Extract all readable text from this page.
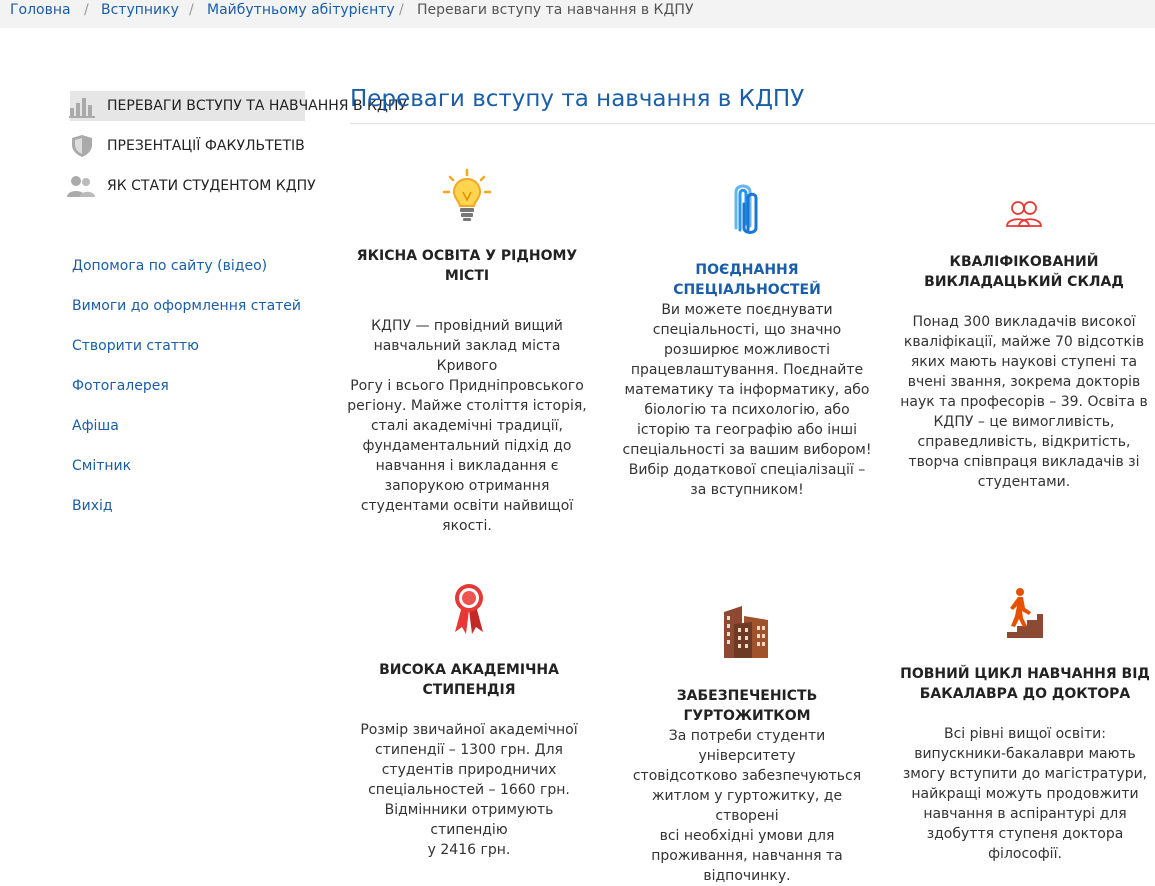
Головна / Вступнику / Майбутньому абітурієнту / Переваги вступу та навчання в КДПУ
ПЕРЕВАГИ ВСТУПУ ТА НАВЧАННЯ В КДПУ
ПРЕЗЕНТАЦІЇ ФАКУЛЬТЕТІВ
ЯК СТАТИ СТУДЕНТОМ КДПУ
Допомога по сайту (відео)
Вимоги до оформлення статей
Створити статтю
Фотогалерея
Афіша
Смітник
Вихід
Переваги вступу та навчання в КДПУ
ЯКІСНА ОСВІТА У РІДНОМУ МІСТІ
КДПУ — провідний вищий
навчальний заклад міста Кривого
Рогу і всього Придніпровського
регіону. Майже століття історія,
сталі академічні традиції,
фундаментальний підхід до
навчання і викладання є
запорукою отримання
студентами освіти найвищої
якості.
ПОЄДНАННЯ СПЕЦІАЛЬНОСТЕЙ
Ви можете поєднувати
спеціальності, що значно
розширює можливості
працевлаштування. Поєднайте
математику та інформатику, або
біологію та психологію, або
історію та географію або інші
спеціальності за вашим вибором!
Вибір додаткової спеціалізації –
за вступником!
КВАЛІФІКОВАНИЙ ВИКЛАДАЦЬКИЙ СКЛАД
Понад 300 викладачів високої
кваліфікації, майже 70 відсотків
яких мають наукові ступені та
вчені звання, зокрема докторів
наук та професорів – 39. Освіта в
КДПУ – це вимогливість,
справедливість, відкритість,
творча співпраця викладачів зі
студентами.
ВИСОКА АКАДЕМІЧНА СТИПЕНДІЯ
Розмір звичайної академічної
стипендії – 1300 грн. Для
студентів природничих
спеціальностей – 1660 грн.
Відмінники отримують стипендію
у 2416 грн.
ЗАБЕЗПЕЧЕНІСТЬ ГУРТОЖИТКОМ
За потреби студенти університету
стовідсотково забезпечуються
житлом у гуртожитку, де створені
всі необхідні умови для
проживання, навчання та
відпочинку.
ПОВНИЙ ЦИКЛ НАВЧАННЯ ВІД БАКАЛАВРА ДО ДОКТОРА
Всі рівні вищої освіти:
випускники-бакалаври мають
змогу вступити до магістратури,
найкращі можуть продовжити
навчання в аспірантурі для
здобуття ступеня доктора
філософії.
